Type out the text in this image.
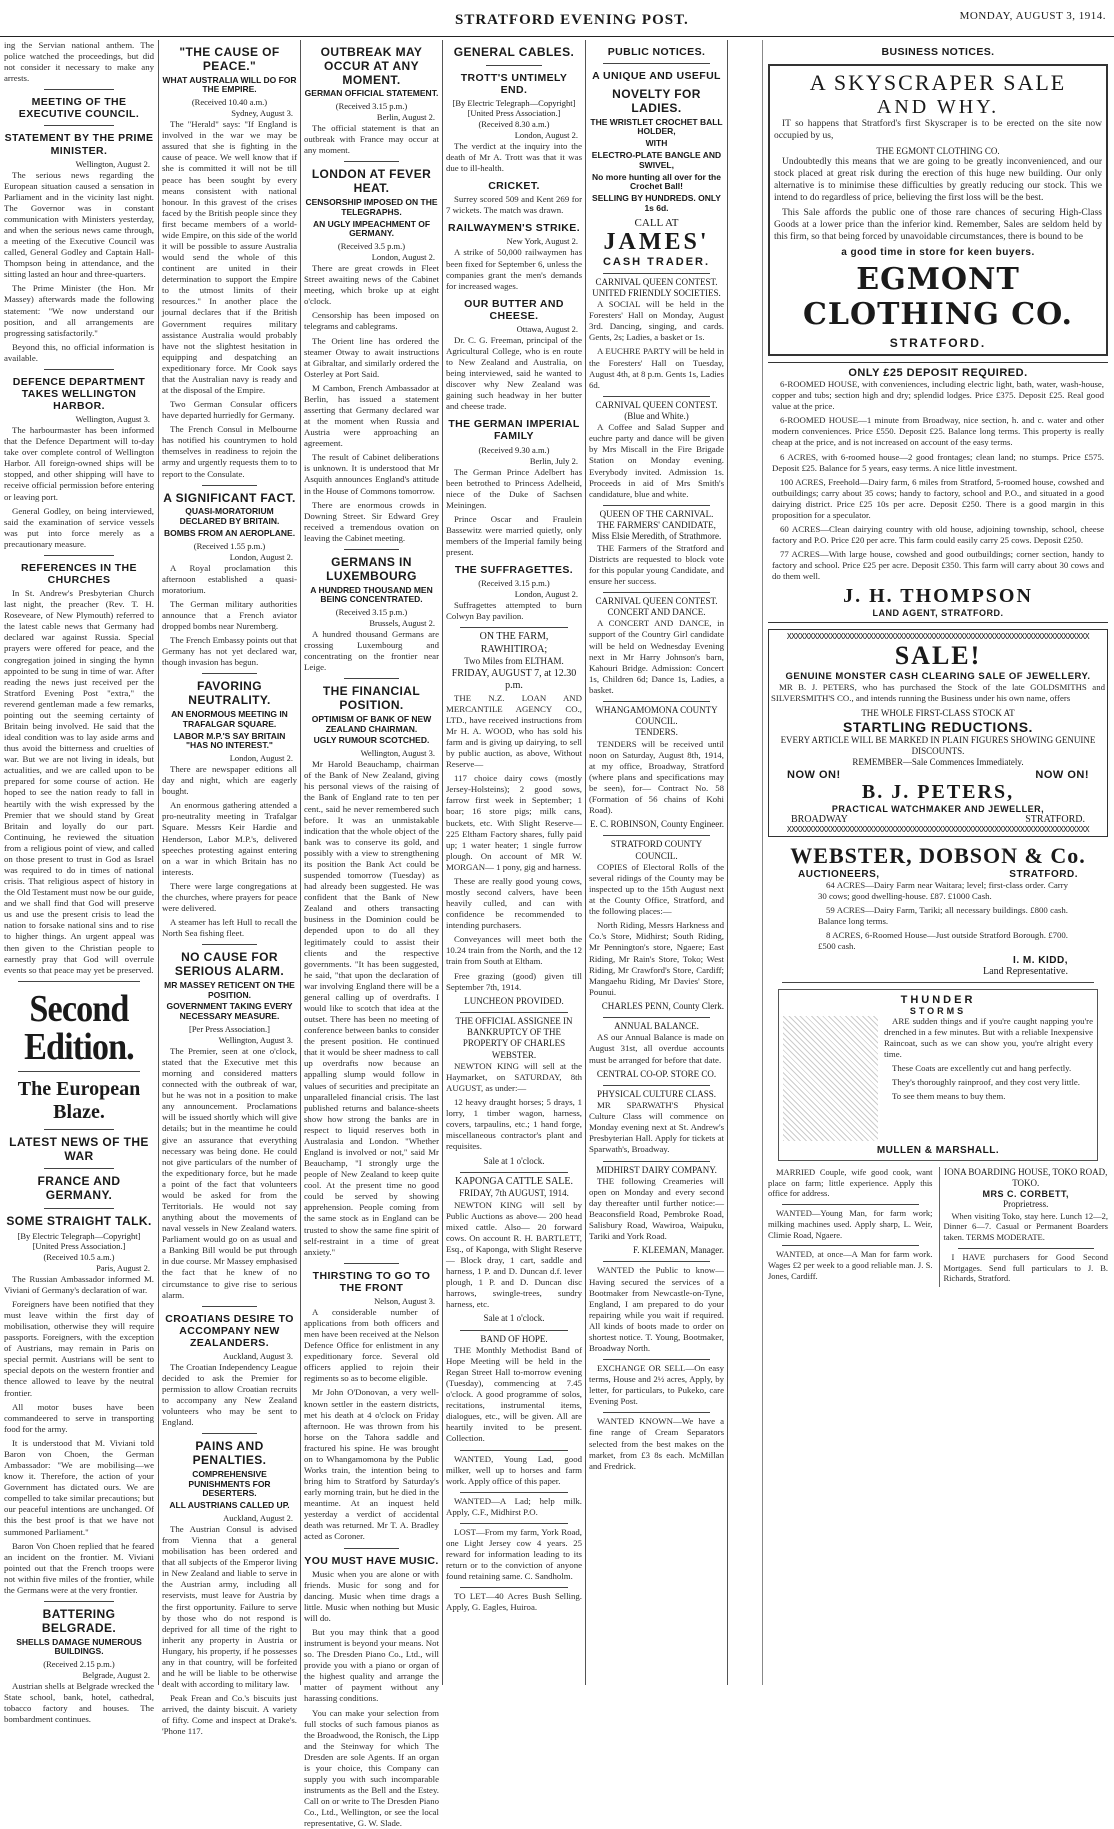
STRATFORD EVENING POST.	MONDAY, AUGUST 3, 1914.

ing the Servian national anthem. The police watched the proceedings, but did not consider it necessary to make any arrests.

MEETING OF THE EXECUTIVE COUNCIL.
STATEMENT BY THE PRIME MINISTER.
Wellington, August 2.

The serious news regarding the European situation caused a sensation in Parliament and in the vicinity last night. The Governor was in constant communication with Ministers yesterday, and when the serious news came through, a meeting of the Executive Council was called, General Godley and Captain Hall-Thompson being in attendance, and the sitting lasted an hour and three-quarters.

The Prime Minister (the Hon. Mr Massey) afterwards made the following statement: "We now understand our position, and all arrangements are progressing satisfactorily."

Beyond this, no official information is available.

DEFENCE DEPARTMENT TAKES WELLINGTON HARBOR.
Wellington, August 3.

The harbourmaster has been informed that the Defence Department will to-day take over complete control of Wellington Harbor. All foreign-owned ships will be stopped, and other shipping will have to receive official permission before entering or leaving port.

General Godley, on being interviewed, said the examination of service vessels was put into force merely as a precautionary measure.

REFERENCES IN THE CHURCHES

In St. Andrew's Presbyterian Church last night, the preacher (Rev. T. H. Roseveare, of New Plymouth) referred to the latest cable news that Germany had declared war against Russia. Special prayers were offered for peace, and the congregation joined in singing the hymn appointed to be sung in time of war. After reading the news just received per the Stratford Evening Post "extra," the reverend gentleman made a few remarks, pointing out the seeming certainty of Britain being involved. He said that the ideal condition was to lay aside arms and thus avoid the bitterness and cruelties of war. But we are not living in ideals, but actualities, and we are called upon to be prepared for some course of action. He hoped to see the nation ready to fall in heartily with the wish expressed by the Premier that we should stand by Great Britain and loyally do our part. Continuing, he reviewed the situation from a religious point of view, and called on those present to trust in God as Israel was required to do in times of national crisis. That religious aspect of history in the Old Testament must now be our guide, and we shall find that God will preserve us and use the present crisis to lead the nation to forsake national sins and to rise to higher things. An urgent appeal was then given to the Christian people to earnestly pray that God will overrule events so that peace may yet be preserved.

Second Edition.
The European Blaze.
LATEST NEWS OF THE WAR
FRANCE AND GERMANY.
SOME STRAIGHT TALK.
[By Electric Telegraph—Copyright] [United Press Association.]
(Received 10.5 a.m.)
Paris, August 2.

The Russian Ambassador informed M. Viviani of Germany's declaration of war.

Foreigners have been notified that they must leave within the first day of mobilisation, otherwise they will require passports. Foreigners, with the exception of Austrians, may remain in Paris on special permit. Austrians will be sent to special depots on the western frontier and thence allowed to leave by the neutral frontier.

All motor buses have been commandeered to serve in transporting food for the army.

It is understood that M. Viviani told Baron von Choen, the German Ambassador: "We are mobilising—we know it. Therefore, the action of your Government has dictated ours. We are compelled to take similar precautions; but our peaceful intentions are unchanged. Of this the best proof is that we have not summoned Parliament."

Baron Von Choen replied that he feared an incident on the frontier. M. Viviani pointed out that the French troops were not within five miles of the frontier, while the Germans were at the very frontier.

BATTERING BELGRADE.
SHELLS DAMAGE NUMEROUS BUILDINGS.
(Received 2.15 p.m.)
Belgrade, August 2.

Austrian shells at Belgrade wrecked the State school, bank, hotel, cathedral, tobacco factory and houses. The bombardment continues.

"THE CAUSE OF PEACE."
WHAT AUSTRALIA WILL DO FOR THE EMPIRE.
(Received 10.40 a.m.)
Sydney, August 3.

The "Herald" says: "If England is involved in the war we may be assured that she is fighting in the cause of peace. We well know that if she is committed it will not be till peace has been sought by every means consistent with national honour. In this gravest of the crises faced by the British people since they first became members of a world-wide Empire, on this side of the world it will be possible to assure Australia would send the whole of this continent are united in their determination to support the Empire to the utmost limits of their resources." In another place the journal declares that if the British Government requires military assistance Australia would probably have not the slightest hesitation in equipping and despatching an expeditionary force. Mr Cook says that the Australian navy is ready and at the disposal of the Empire.

Two German Consular officers have departed hurriedly for Germany.

The French Consul in Melbourne has notified his countrymen to hold themselves in readiness to rejoin the army and urgently requests them to to report to the Consulate.

A SIGNIFICANT FACT.
QUASI-MORATORIUM DECLARED BY BRITAIN.
BOMBS FROM AN AEROPLANE.
(Received 1.55 p.m.)
London, August 2.

A Royal proclamation this afternoon established a quasi-moratorium.

The German military authorities announce that a French aviator dropped bombs near Nuremberg.

The French Embassy points out that Germany has not yet declared war, though invasion has begun.

FAVORING NEUTRALITY.
AN ENORMOUS MEETING IN TRAFALGAR SQUARE.
LABOR M.P.'S SAY BRITAIN "HAS NO INTEREST."
London, August 2.

There are newspaper editions all day and night, which are eagerly bought.

An enormous gathering attended a pro-neutrality meeting in Trafalgar Square. Messrs Keir Hardie and Henderson, Labor M.P.'s, delivered speeches protesting against entering on a war in which Britain has no interests.

There were large congregations at the churches, where prayers for peace were delivered.

A steamer has left Hull to recall the North Sea fishing fleet.

NO CAUSE FOR SERIOUS ALARM.
MR MASSEY RETICENT ON THE POSITION.
GOVERNMENT TAKING EVERY NECESSARY MEASURE.
[Per Press Association.]
Wellington, August 3.

The Premier, seen at one o'clock, stated that the Executive met this morning and considered matters connected with the outbreak of war, but he was not in a position to make any announcement. Proclamations will be issued shortly which will give details; but in the meantime he could give an assurance that everything necessary was being done. He could not give particulars of the number of the expeditionary force, but he made a point of the fact that volunteers would be asked for from the Territorials. He would not say anything about the movements of naval vessels in New Zealand waters. Parliament would go on as usual and a Banking Bill would be put through in due course. Mr Massey emphasised the fact that he knew of no circumstance to give rise to serious alarm.

CROATIANS DESIRE TO ACCOMPANY NEW ZEALANDERS.
Auckland, August 3.

The Croatian Independency League decided to ask the Premier for permission to allow Croatian recruits to accompany any New Zealand volunteers who may be sent to England.

PAINS AND PENALTIES.
COMPREHENSIVE PUNISHMENTS FOR DESERTERS.
ALL AUSTRIANS CALLED UP.
Auckland, August 2.

The Austrian Consul is advised from Vienna that a general mobilisation has been ordered and that all subjects of the Emperor living in New Zealand and liable to serve in the Austrian army, including all reservists, must leave for Austria by the first opportunity. Failure to serve by those who do not respond is deprived for all time of the right to inherit any property in Austria or Hungary, his property, if he possesses any in that country, will be forfeited and he will be liable to be otherwise dealt with according to military law.

Peak Frean and Co.'s biscuits just arrived, the dainty biscuit. A variety of fifty. Come and inspect at Drake's. 'Phone 117.

OUTBREAK MAY OCCUR AT ANY MOMENT.
GERMAN OFFICIAL STATEMENT.
(Received 3.15 p.m.)
Berlin, August 2.

The official statement is that an outbreak with France may occur at any moment.

LONDON AT FEVER HEAT.
CENSORSHIP IMPOSED ON THE TELEGRAPHS.
AN UGLY IMPEACHMENT OF GERMANY.
(Received 3.5 p.m.)
London, August 2.

There are great crowds in Fleet Street awaiting news of the Cabinet meeting, which broke up at eight o'clock.

Censorship has been imposed on telegrams and cablegrams.

The Orient line has ordered the steamer Otway to await instructions at Gibraltar, and similarly ordered the Osterley at Port Said.

M Cambon, French Ambassador at Berlin, has issued a statement asserting that Germany declared war at the moment when Russia and Austria were approaching an agreement.

The result of Cabinet deliberations is unknown. It is understood that Mr Asquith announces England's attitude in the House of Commons tomorrow.

There are enormous crowds in Downing Street. Sir Edward Grey received a tremendous ovation on leaving the Cabinet meeting.

GERMANS IN LUXEMBOURG
A HUNDRED THOUSAND MEN BEING CONCENTRATED.
(Received 3.15 p.m.)
Brussels, August 2.

A hundred thousand Germans are crossing Luxembourg and concentrating on the frontier near Leige.

THE FINANCIAL POSITION.
OPTIMISM OF BANK OF NEW ZEALAND CHAIRMAN.
UGLY RUMOUR SCOTCHED.
Wellington, August 3.

Mr Harold Beauchamp, chairman of the Bank of New Zealand, giving his personal views of the raising of the Bank of England rate to ten per cent., said he never remembered such before. It was an unmistakable indication that the whole object of the bank was to conserve its gold, and possibly with a view to strengthening its position the Bank Act could be suspended tomorrow (Tuesday) as had already been suggested. He was confident that the Bank of New Zealand and others transacting business in the Dominion could be depended upon to do all they legitimately could to assist their clients and the respective governments. "It has been suggested, he said, "that upon the declaration of war involving England there will be a general calling up of overdrafts. I would like to scotch that idea at the outset. There has been no meeting of conference between banks to consider the present position. He continued that it would be sheer madness to call up overdrafts now because an appalling slump would follow in values of securities and precipitate an unparalleled financial crisis. The last published returns and balance-sheets show how strong the banks are in respect to liquid reserves both in Australasia and London. "Whether England is involved or not," said Mr Beauchamp, "I strongly urge the people of New Zealand to keep quite cool. At the present time no good could be served by showing apprehension. People coming from the same stock as in England can be trusted to show the same fine spirit of self-restraint in a time of great anxiety."

THIRSTING TO GO TO THE FRONT
Nelson, August 3.

A considerable number of applications from both officers and men have been received at the Nelson Defence Office for enlistment in any expeditionary force. Several old officers applied to rejoin their regiments so as to become eligible.

Mr John O'Donovan, a very well-known settler in the eastern districts, met his death at 4 o'clock on Friday afternoon. He was thrown from his horse on the Tahora saddle and fractured his spine. He was brought on to Whangamomona by the Public Works train, the intention being to bring him to Stratford by Saturday's early morning train, but he died in the meantime. At an inquest held yesterday a verdict of accidental death was returned. Mr T. A. Bradley acted as Coroner.

YOU MUST HAVE MUSIC.

Music when you are alone or with friends. Music for song and for dancing. Music when time drags a little. Music when nothing but Music will do.

But you may think that a good instrument is beyond your means. Not so. The Dresden Piano Co., Ltd., will provide you with a piano or organ of the highest quality and arrange the matter of payment without any harassing conditions.

You can make your selection from full stocks of such famous pianos as the Broadwood, the Ronisch, the Lipp and the Steinway for which The Dresden are sole Agents. If an organ is your choice, this Company can supply you with such incomparable instruments as the Bell and the Estey. Call on or write to The Dresden Piano Co., Ltd., Wellington, or see the local representative, G. W. Slade.

GENERAL CABLES.
TROTT'S UNTIMELY END.
[By Electric Telegraph—Copyright] [United Press Association.]
(Received 8.30 a.m.)
London, August 2.

The verdict at the inquiry into the death of Mr A. Trott was that it was due to ill-health.

CRICKET.

Surrey scored 509 and Kent 269 for 7 wickets. The match was drawn.

RAILWAYMEN'S STRIKE.
New York, August 2.

A strike of 50,000 railwaymen has been fixed for September 6, unless the companies grant the men's demands for increased wages.

OUR BUTTER AND CHEESE.
Ottawa, August 2.

Dr. C. G. Freeman, principal of the Agricultural College, who is en route to New Zealand and Australia, on being interviewed, said he wanted to discover why New Zealand was gaining such headway in her butter and cheese trade.

THE GERMAN IMPERIAL FAMILY
(Received 9.30 a.m.)
Berlin, July 2.

The German Prince Adelbert has been betrothed to Princess Adelheid, niece of the Duke of Sachsen Meiningen.

Prince Oscar and Fraulein Bassewitz were married quietly, only members of the Imperial family being present.

THE SUFFRAGETTES.
(Received 3.15 p.m.)
London, August 2.

Suffragettes attempted to burn Colwyn Bay pavilion.

ON THE FARM, RAWHITIROA;
Two Miles from ELTHAM.
FRIDAY, AUGUST 7, at 12.30 p.m.

THE N.Z. LOAN AND MERCANTILE AGENCY CO., LTD., have received instructions from Mr H. A. WOOD, who has sold his farm and is giving up dairying, to sell by public auction, as above, Without Reserve—

117 choice dairy cows (mostly Jersey-Holsteins); 2 good sows, farrow first week in September; 1 boar; 16 store pigs; milk cans, buckets, etc. With Slight Reserve— 225 Eltham Factory shares, fully paid up; 1 water heater; 1 single furrow plough. On account of MR W. MORGAN— 1 pony, gig and harness.

These are really good young cows, mostly second calvers, have been heavily culled, and can with confidence be recommended to intending purchasers.

Conveyances will meet both the 10.24 train from the North, and the 12 train from South at Eltham.

Free grazing (good) given till September 7th, 1914.

LUNCHEON PROVIDED.
THE OFFICIAL ASSIGNEE IN BANKRUPTCY OF THE PROPERTY OF CHARLES WEBSTER.

NEWTON KING will sell at the Haymarket, on SATURDAY, 8th AUGUST, as under:—

12 heavy draught horses; 5 drays, 1 lorry, 1 timber wagon, harness, covers, tarpaulins, etc.; 1 hand forge, miscellaneous contractor's plant and requisites.

Sale at 1 o'clock.
KAPONGA CATTLE SALE.
FRIDAY, 7th AUGUST, 1914.

NEWTON KING will sell by Public Auctions as above— 200 head mixed cattle. Also— 20 forward cows. On account R. H. BARTLETT, Esq., of Kaponga, with Slight Reserve— Block dray, 1 cart, saddle and harness, 1 P. and D. Duncan d.f. lever plough, 1 P. and D. Duncan disc harrows, swingle-trees, sundry harness, etc.

Sale at 1 o'clock.
BAND OF HOPE.

THE Monthly Methodist Band of Hope Meeting will be held in the Regan Street Hall to-morrow evening (Tuesday), commencing at 7.45 o'clock. A good programme of solos, recitations, instrumental items, dialogues, etc., will be given. All are heartily invited to be present. Collection.

WANTED, Young Lad, good milker, well up to horses and farm work. Apply office of this paper.

WANTED—A Lad; help milk. Apply, C.F., Midhirst P.O.

LOST—From my farm, York Road, one Light Jersey cow 4 years. 25 reward for information leading to its return or to the conviction of anyone found retaining same. C. Sandholm.

TO LET—40 Acres Bush Selling. Apply, G. Eagles, Huiroa.

PUBLIC NOTICES.
A UNIQUE AND USEFUL
NOVELTY FOR LADIES.
THE WRISTLET CROCHET BALL HOLDER,
WITH
ELECTRO-PLATE BANGLE AND SWIVEL,
No more hunting all over for the Crochet Ball!
SELLING BY HUNDREDS. ONLY 1s 6d.
CALL AT
JAMES'
CASH TRADER.
CARNIVAL QUEEN CONTEST.
UNITED FRIENDLY SOCIETIES.

A SOCIAL will be held in the Foresters' Hall on Monday, August 3rd. Dancing, singing, and cards. Gents, 2s; Ladies, a basket or 1s.

A EUCHRE PARTY will be held in the Foresters' Hall on Tuesday, August 4th, at 8 p.m. Gents 1s, Ladies 6d.

CARNIVAL QUEEN CONTEST.
(Blue and White.)

A Coffee and Salad Supper and euchre party and dance will be given by Mrs Miscall in the Fire Brigade Station on Monday evening. Everybody invited. Admission 1s. Proceeds in aid of Mrs Smith's candidature, blue and white.

QUEEN OF THE CARNIVAL.
THE FARMERS' CANDIDATE,
Miss Elsie Meredith, of Strathmore.

THE Farmers of the Stratford and Districts are requested to block vote for this popular young Candidate, and ensure her success.

CARNIVAL QUEEN CONTEST.
CONCERT AND DANCE.

A CONCERT AND DANCE, in support of the Country Girl candidate will be held on Wednesday Evening next in Mr Harry Johnson's barn, Kahouri Bridge. Admission: Concert 1s, Children 6d; Dance 1s, Ladies, a basket.

WHANGAMOMONA COUNTY COUNCIL.
TENDERS.

TENDERS will be received until noon on Saturday, August 8th, 1914, at my office, Broadway, Stratford (where plans and specifications may be seen), for— Contract No. 58 (Formation of 56 chains of Kohi Road).

E. C. ROBINSON, County Engineer.
STRATFORD COUNTY COUNCIL.

COPIES of Electoral Rolls of the several ridings of the County may be inspected up to the 15th August next at the County Office, Stratford, and the following places:—

North Riding, Messrs Harkness and Co.'s Store, Midhirst; South Riding, Mr Pennington's store, Ngaere; East Riding, Mr Rain's Store, Toko; West Riding, Mr Crawford's Store, Cardiff; Mangaehu Riding, Mr Davies' Store, Pounui.

CHARLES PENN, County Clerk.
ANNUAL BALANCE.

AS our Annual Balance is made on August 31st, all overdue accounts must be arranged for before that date.

CENTRAL CO-OP. STORE CO.
PHYSICAL CULTURE CLASS.

MR SPARWATH'S Physical Culture Class will commence on Monday evening next at St. Andrew's Presbyterian Hall. Apply for tickets at Sparwath's, Broadway.

MIDHIRST DAIRY COMPANY.

THE following Creameries will open on Monday and every second day thereafter until further notice:— Beaconsfield Road, Pembroke Road, Salisbury Road, Wawiroa, Waipuku, Tariki and York Road.

F. KLEEMAN, Manager.

WANTED the Public to know— Having secured the services of a Bootmaker from Newcastle-on-Tyne, England, I am prepared to do your repairing while you wait if required. All kinds of boots made to order on shortest notice. T. Young, Bootmaker, Broadway North.

EXCHANGE OR SELL—On easy terms, House and 2½ acres, Apply, by letter, for particulars, to Pukeko, care Evening Post.

WANTED KNOWN—We have a fine range of Cream Separators selected from the best makes on the market, from £3 8s each. McMillan and Fredrick.

BUSINESS NOTICES.
A SKYSCRAPER SALE
AND WHY.

IT so happens that Stratford's first Skyscraper is to be erected on the site now occupied by us,

THE EGMONT CLOTHING CO.

Undoubtedly this means that we are going to be greatly inconvenienced, and our stock placed at great risk during the erection of this huge new building. Our only alternative is to minimise these difficulties by greatly reducing our stock. This we intend to do regardless of price, believing the first loss will be the best.

This Sale affords the public one of those rare chances of securing High-Class Goods at a lower price than the inferior kind. Remember, Sales are seldom held by this firm, so that being forced by unavoidable circumstances, there is bound to be

a good time in store for keen buyers.
EGMONT CLOTHING CO.
STRATFORD.
ONLY £25 DEPOSIT REQUIRED.

6-ROOMED HOUSE, with conveniences, including electric light, bath, water, wash-house, copper and tubs; section high and dry; splendid lodges. Price £375. Deposit £25. Real good value at the price.

6-ROOMED HOUSE—1 minute from Broadway, nice section, h. and c. water and other modern conveniences. Price £550. Deposit £25. Balance long terms. This property is really cheap at the price, and is not increased on account of the easy terms.

6 ACRES, with 6-roomed house—2 good frontages; clean land; no stumps. Price £575. Deposit £25. Balance for 5 years, easy terms. A nice little investment.

100 ACRES, Freehold—Dairy farm, 6 miles from Stratford, 5-roomed house, cowshed and outbuildings; carry about 35 cows; handy to factory, school and P.O., and situated in a good dairying district. Price £25 10s per acre. Deposit £250. There is a good margin in this proposition for a speculator.

60 ACRES—Clean dairying country with old house, adjoining township, school, cheese factory and P.O. Price £20 per acre. This farm could easily carry 25 cows. Deposit £250.

77 ACRES—With large house, cowshed and good outbuildings; corner section, handy to factory and school. Price £25 per acre. Deposit £350. This farm will carry about 30 cows and do them well.

J. H. THOMPSON
LAND AGENT, STRATFORD.
XXXXXXXXXXXXXXXXXXXXXXXXXXXXXXXXXXXXXXXXXXXXXXXXXXXXXXXXXXXXXXXXXXXXXX
SALE!
GENUINE MONSTER CASH CLEARING SALE OF JEWELLERY.

MR B. J. PETERS, who has purchased the Stock of the late GOLDSMITHS and SILVERSMITH'S CO., and intends running the Business under his own name, offers

THE WHOLE FIRST-CLASS STOCK AT
STARTLING REDUCTIONS.
EVERY ARTICLE WILL BE MARKED IN PLAIN FIGURES SHOWING GENUINE DISCOUNTS.
REMEMBER—Sale Commences Immediately.
NOW ON!	NOW ON!
B. J. PETERS,
PRACTICAL WATCHMAKER AND JEWELLER,
BROADWAY	STRATFORD.
XXXXXXXXXXXXXXXXXXXXXXXXXXXXXXXXXXXXXXXXXXXXXXXXXXXXXXXXXXXXXXXXXXXXXX
WEBSTER, DOBSON & Co.
AUCTIONEERS,	STRATFORD.

64 ACRES—Dairy Farm near Waitara; level; first-class order. Carry 30 cows; good dwelling-house. £87. £1000 Cash.

59 ACRES—Dairy Farm, Tariki; all necessary buildings. £800 cash. Balance long terms.

8 ACRES, 6-Roomed House—Just outside Stratford Borough. £700. £500 cash.

I. M. KIDD,
Land Representative.
THUNDER
STORMS

ARE sudden things and if you're caught napping you're drenched in a few minutes. But with a reliable Inexpensive Raincoat, such as we can show you, you're alright every time.

These Coats are excellently cut and hang perfectly.

They's thoroughly rainproof, and they cost very little.

To see them means to buy them.

MULLEN & MARSHALL.

MARRIED Couple, wife good cook, want place on farm; little experience. Apply this office for address.

WANTED—Young Man, for farm work; milking machines used. Apply sharp, L. Weir, Climie Road, Ngaere.

WANTED, at once—A Man for farm work. Wages £2 per week to a good reliable man. J. S. Jones, Cardiff.

IONA BOARDING HOUSE, TOKO ROAD, TOKO.
MRS C. CORBETT,
Proprietress.

When visiting Toko, stay here. Lunch 12—2, Dinner 6—7. Casual or Permanent Boarders taken. TERMS MODERATE.

I HAVE purchasers for Good Second Mortgages. Send full particulars to J. B. Richards, Stratford.
